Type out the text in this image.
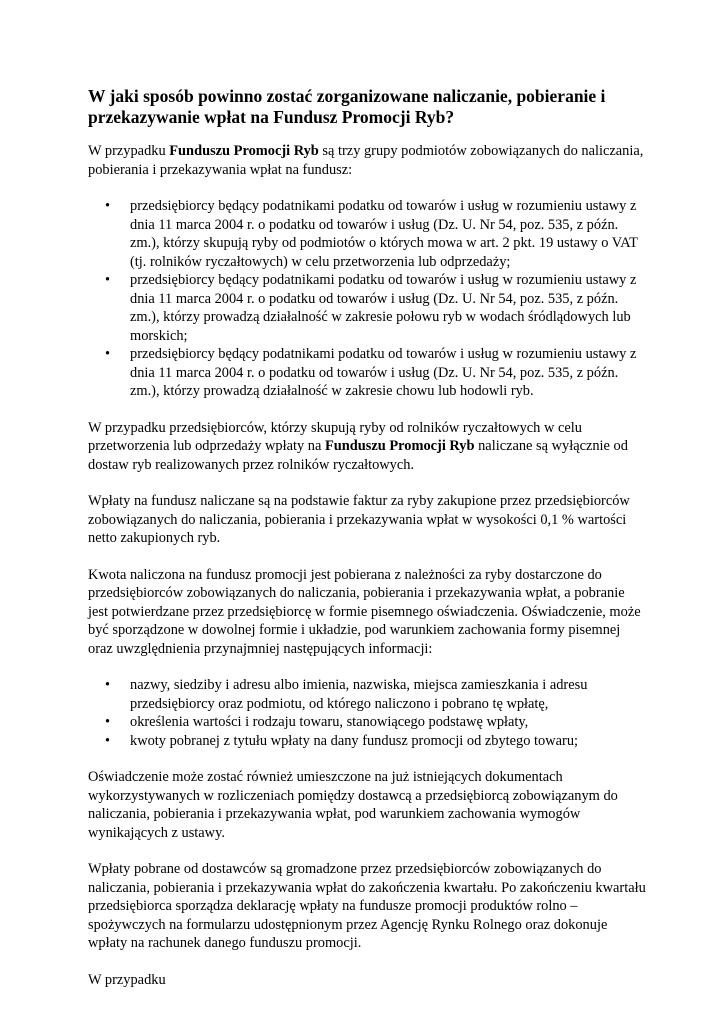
W jaki sposób powinno zostać zorganizowane naliczanie, pobieranie i przekazywanie wpłat na Fundusz Promocji Ryb?

W przypadku Funduszu Promocji Ryb są trzy grupy podmiotów zobowiązanych do naliczania, pobierania i przekazywania wpłat na fundusz:

• przedsiębiorcy będący podatnikami podatku od towarów i usług w rozumieniu ustawy z dnia 11 marca 2004 r. o podatku od towarów i usług (Dz. U. Nr 54, poz. 535, z późn. zm.), którzy skupują ryby od podmiotów o których mowa w art. 2 pkt. 19 ustawy o VAT (tj. rolników ryczałtowych) w celu przetworzenia lub odprzedaży;
• przedsiębiorcy będący podatnikami podatku od towarów i usług w rozumieniu ustawy z dnia 11 marca 2004 r. o podatku od towarów i usług (Dz. U. Nr 54, poz. 535, z późn. zm.), którzy prowadzą działalność w zakresie połowu ryb w wodach śródlądowych lub morskich;
• przedsiębiorcy będący podatnikami podatku od towarów i usług w rozumieniu ustawy z dnia 11 marca 2004 r. o podatku od towarów i usług (Dz. U. Nr 54, poz. 535, z późn. zm.), którzy prowadzą działalność w zakresie chowu lub hodowli ryb.

W przypadku przedsiębiorców, którzy skupują ryby od rolników ryczałtowych w celu przetworzenia lub odprzedaży wpłaty na Funduszu Promocji Ryb naliczane są wyłącznie od dostaw ryb realizowanych przez rolników ryczałtowych.

Wpłaty na fundusz naliczane są na podstawie faktur za ryby zakupione przez przedsiębiorców zobowiązanych do naliczania, pobierania i przekazywania wpłat w wysokości 0,1 % wartości netto zakupionych ryb.

Kwota naliczona na fundusz promocji jest pobierana z należności za ryby dostarczone do przedsiębiorców zobowiązanych do naliczania, pobierania i przekazywania wpłat, a pobranie jest potwierdzane przez przedsiębiorcę w formie pisemnego oświadczenia. Oświadczenie, może być sporządzone w dowolnej formie i układzie, pod warunkiem zachowania formy pisemnej oraz uwzględnienia przynajmniej następujących informacji:

• nazwy, siedziby i adresu albo imienia, nazwiska, miejsca zamieszkania i adresu przedsiębiorcy oraz podmiotu, od którego naliczono i pobrano tę wpłatę,
• określenia wartości i rodzaju towaru, stanowiącego podstawę wpłaty,
• kwoty pobranej z tytułu wpłaty na dany fundusz promocji od zbytego towaru;

Oświadczenie może zostać również umieszczone na już istniejących dokumentach wykorzystywanych w rozliczeniach pomiędzy dostawcą a przedsiębiorcą zobowiązanym do naliczania, pobierania i przekazywania wpłat, pod warunkiem zachowania wymogów wynikających z ustawy.

Wpłaty pobrane od dostawców są gromadzone przez przedsiębiorców zobowiązanych do naliczania, pobierania i przekazywania wpłat do zakończenia kwartału. Po zakończeniu kwartału przedsiębiorca sporządza deklarację wpłaty na fundusze promocji produktów rolno – spożywczych na formularzu udostępnionym przez Agencję Rynku Rolnego oraz dokonuje wpłaty na rachunek danego funduszu promocji.

W przypadku
